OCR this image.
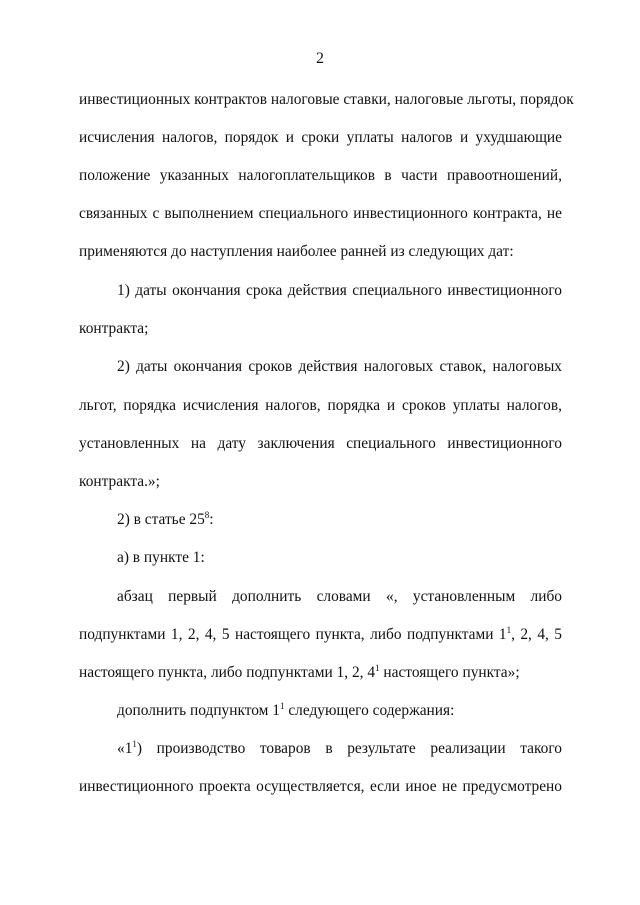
2
инвестиционных контрактов налоговые ставки, налоговые льготы, порядок
исчисления налогов, порядок и сроки уплаты налогов и ухудшающие
положение указанных налогоплательщиков в части правоотношений,
связанных с выполнением специального инвестиционного контракта, не
применяются до наступления наиболее ранней из следующих дат:
1) даты окончания срока действия специального инвестиционного
контракта;
2) даты окончания сроков действия налоговых ставок, налоговых
льгот, порядка исчисления налогов, порядка и сроков уплаты налогов,
установленных на дату заключения специального инвестиционного
контракта.»;
2) в статье $25^8$:
а) в пункте 1:
абзац первый дополнить словами «, установленным либо
подпунктами 1, 2, 4, 5 настоящего пункта, либо подпунктами $1^1$, 2, 4, 5
настоящего пункта, либо подпунктами 1, 2, $4^1$ настоящего пункта»;
дополнить подпунктом $1^1$ следующего содержания:
«$1^1$) производство товаров в результате реализации такого
инвестиционного проекта осуществляется, если иное не предусмотрено
